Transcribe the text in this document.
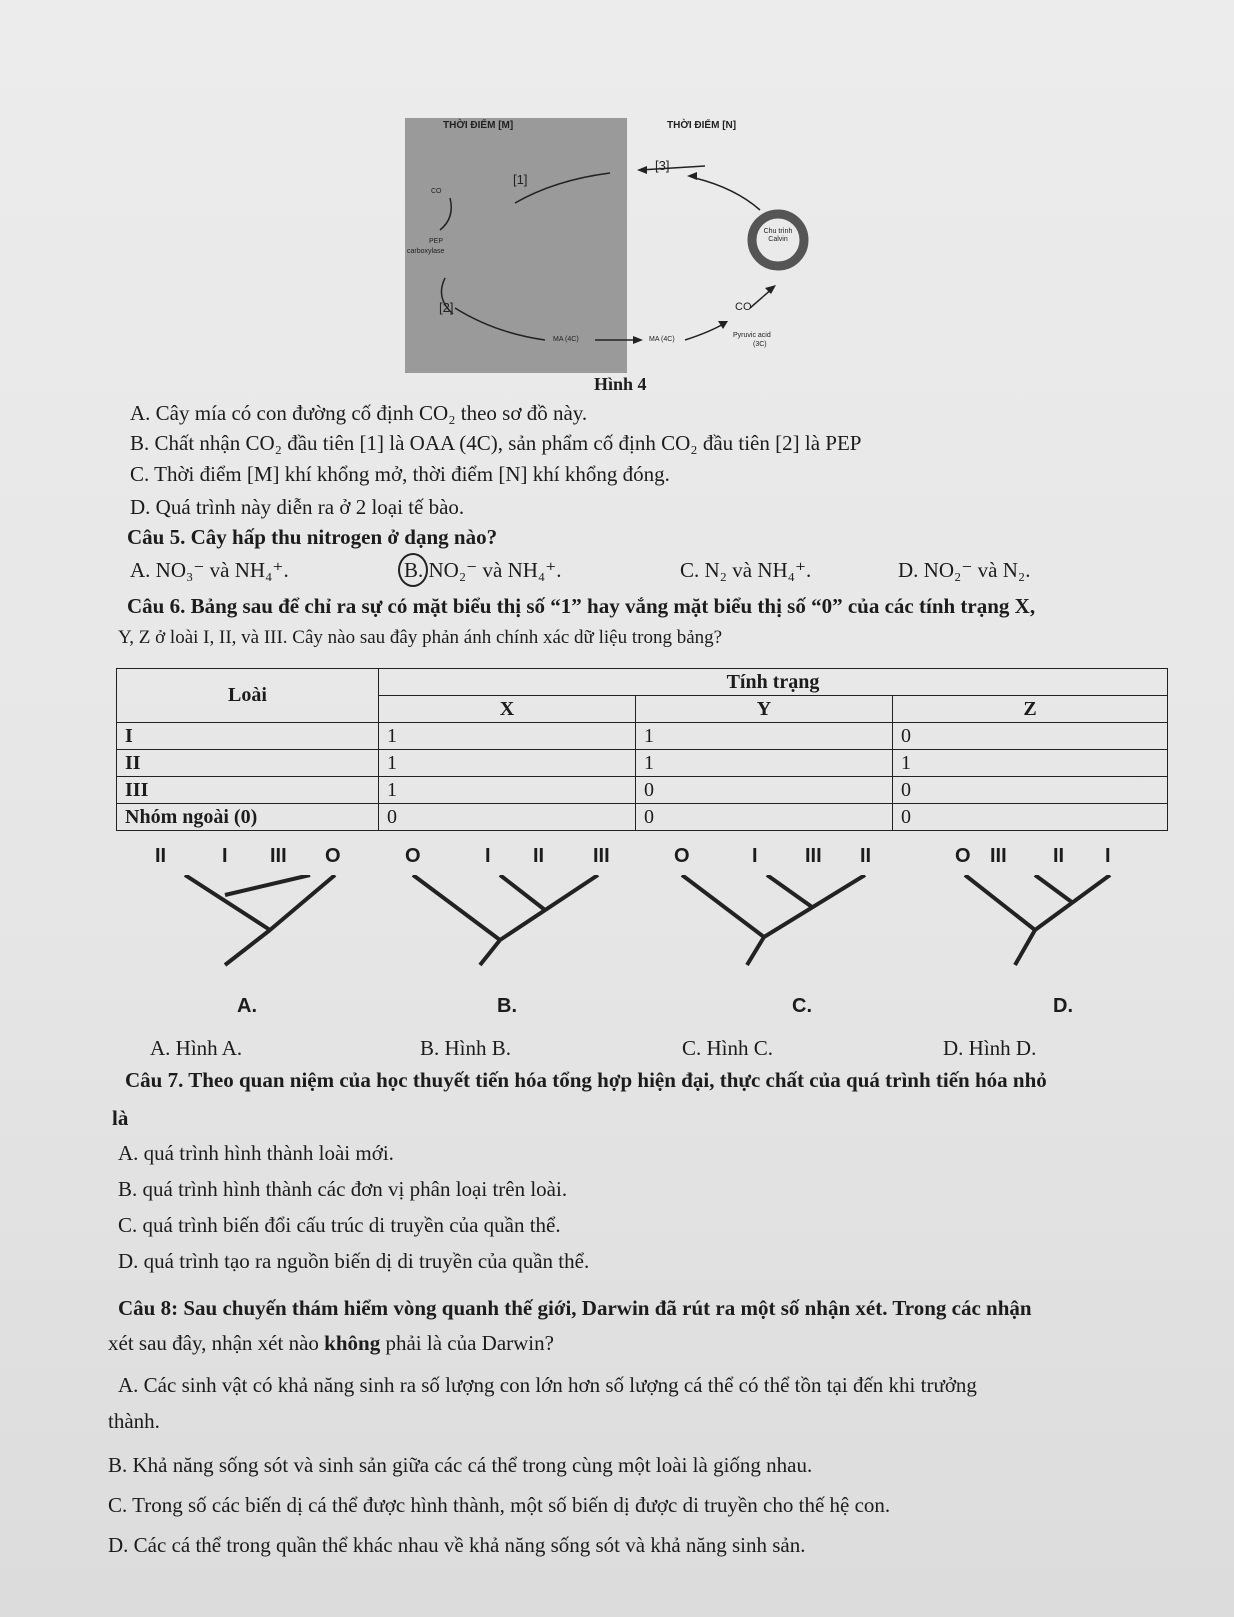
THỜI ĐIỂM [M]	THỜI ĐIỂM [N]
[1]
[3]
[2]
CO
PEP
carboxylase
MA (4C)	MA (4C)
Chu trình Calvin
CO
Pyruvic acid
(3C)
Hình 4
A. Cây mía có con đường cố định CO₂ theo sơ đồ này.
B. Chất nhận CO₂ đầu tiên [1] là OAA (4C), sản phẩm cố định CO₂ đầu tiên [2] là PEP
C. Thời điểm [M] khí khổng mở, thời điểm [N] khí khổng đóng.
D. Quá trình này diễn ra ở 2 loại tế bào.
Câu 5. Cây hấp thu nitrogen ở dạng nào?
A. NO₃⁻ và NH₄⁺.	B. NO₂⁻ và NH₄⁺.	C. N₂ và NH₄⁺.	D. NO₂⁻ và N₂.
Câu 6. Bảng sau để chỉ ra sự có mặt biểu thị số “1” hay vắng mặt biểu thị số “0” của các tính trạng X,
Y, Z ở loài I, II, và III. Cây nào sau đây phản ánh chính xác dữ liệu trong bảng?
Loài	Tính trạng		
	X	Y	Z
I	1	1	0
II	1	1	1
III	1	0	0
Nhóm ngoài (0)	0	0	0
II	I III O
A.
O	I II III
B.
O	I III II
C.
O III II I
D.
A. Hình A.	B. Hình B.	C. Hình C.	D. Hình D.
Câu 7. Theo quan niệm của học thuyết tiến hóa tổng hợp hiện đại, thực chất của quá trình tiến hóa nhỏ
là
A. quá trình hình thành loài mới.
B. quá trình hình thành các đơn vị phân loại trên loài.
C. quá trình biến đổi cấu trúc di truyền của quần thể.
D. quá trình tạo ra nguồn biến dị di truyền của quần thể.
Câu 8: Sau chuyến thám hiểm vòng quanh thế giới, Darwin đã rút ra một số nhận xét. Trong các nhận
xét sau đây, nhận xét nào không phải là của Darwin?
A. Các sinh vật có khả năng sinh ra số lượng con lớn hơn số lượng cá thể có thể tồn tại đến khi trưởng
thành.
B. Khả năng sống sót và sinh sản giữa các cá thể trong cùng một loài là giống nhau.
C. Trong số các biến dị cá thể được hình thành, một số biến dị được di truyền cho thế hệ con.
D. Các cá thể trong quần thể khác nhau về khả năng sống sót và khả năng sinh sản.
